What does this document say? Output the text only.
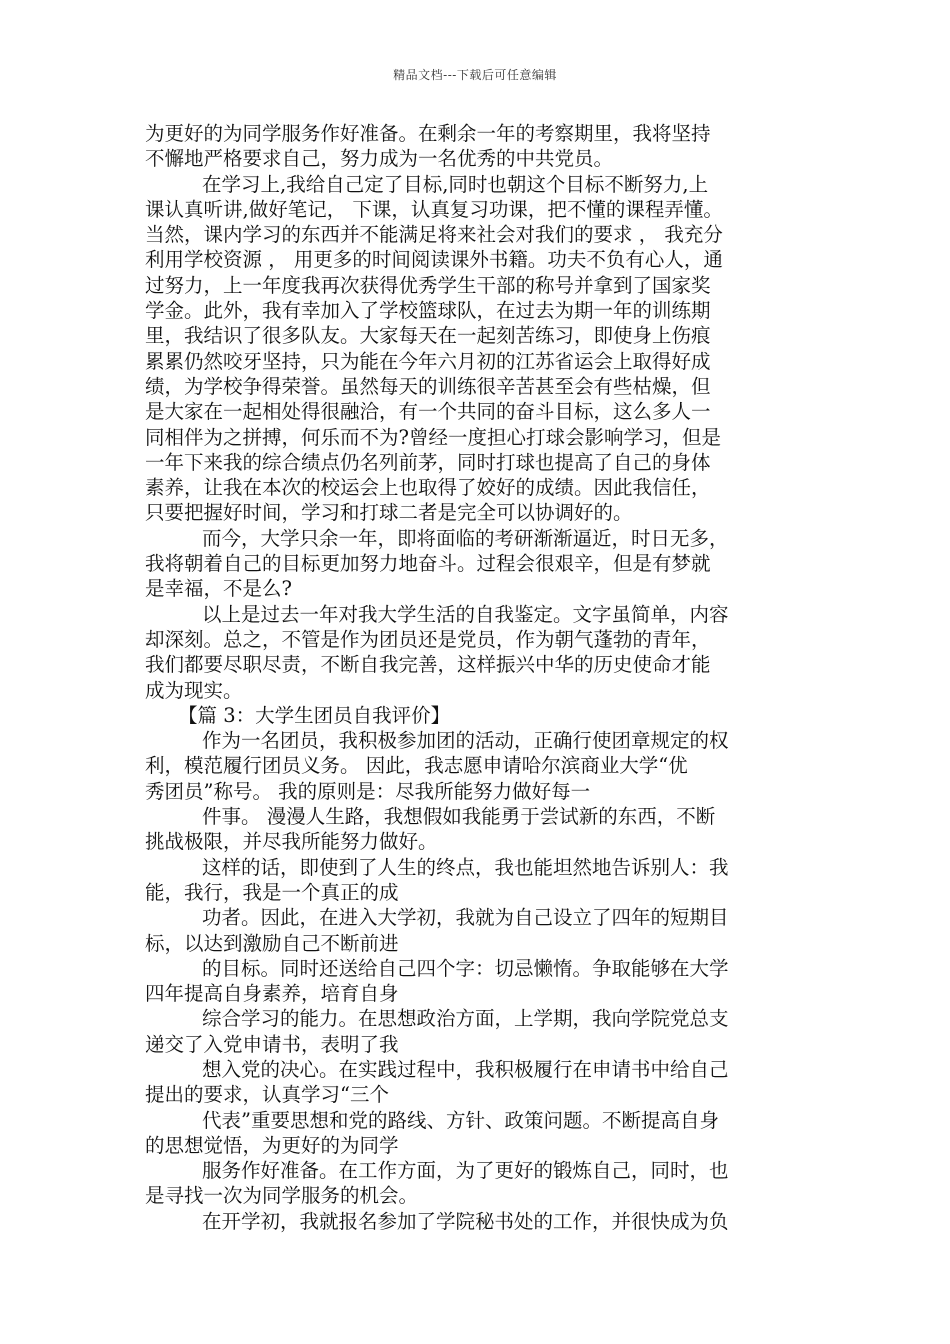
精品文档---下载后可任意编辑
为更好的为同学服务作好准备。在剩余一年的考察期里，我将坚持
不懈地严格要求自己，努力成为一名优秀的中共党员。
在学习上,我给自己定了目标,同时也朝这个目标不断努力,上
课认真听讲,做好笔记， 下课，认真复习功课，把不懂的课程弄懂。
当然，课内学习的东西并不能满足将来社会对我们的要求 ， 我充分
利用学校资源 ， 用更多的时间阅读课外书籍。功夫不负有心人，通
过努力，上一年度我再次获得优秀学生干部的称号并拿到了国家奖
学金。此外，我有幸加入了学校篮球队，在过去为期一年的训练期
里，我结识了很多队友。大家每天在一起刻苦练习，即使身上伤痕
累累仍然咬牙坚持，只为能在今年六月初的江苏省运会上取得好成
绩，为学校争得荣誉。虽然每天的训练很辛苦甚至会有些枯燥，但
是大家在一起相处得很融洽，有一个共同的奋斗目标，这么多人一
同相伴为之拼搏，何乐而不为?曾经一度担心打球会影响学习，但是
一年下来我的综合绩点仍名列前茅，同时打球也提高了自己的身体
素养，让我在本次的校运会上也取得了姣好的成绩。因此我信任，
只要把握好时间，学习和打球二者是完全可以协调好的。
而今，大学只余一年，即将面临的考研渐渐逼近，时日无多，
我将朝着自己的目标更加努力地奋斗。过程会很艰辛，但是有梦就
是幸福，不是么?
以上是过去一年对我大学生活的自我鉴定。文字虽简单，内容
却深刻。总之，不管是作为团员还是党员，作为朝气蓬勃的青年，
我们都要尽职尽责，不断自我完善，这样振兴中华的历史使命才能
成为现实。
【篇 3：大学生团员自我评价】
作为一名团员，我积极参加团的活动，正确行使团章规定的权
利，模范履行团员义务。 因此，我志愿申请哈尔滨商业大学“优
秀团员”称号。 我的原则是：尽我所能努力做好每一
件事。 漫漫人生路，我想假如我能勇于尝试新的东西，不断
挑战极限，并尽我所能努力做好。
这样的话，即使到了人生的终点，我也能坦然地告诉别人：我
能，我行，我是一个真正的成
功者。因此，在进入大学初，我就为自己设立了四年的短期目
标，以达到激励自己不断前进
的目标。同时还送给自己四个字：切忌懒惰。争取能够在大学
四年提高自身素养，培育自身
综合学习的能力。在思想政治方面，上学期，我向学院党总支
递交了入党申请书，表明了我
想入党的决心。在实践过程中，我积极履行在申请书中给自己
提出的要求，认真学习“三个
代表”重要思想和党的路线、方针、政策问题。不断提高自身
的思想觉悟，为更好的为同学
服务作好准备。在工作方面，为了更好的锻炼自己，同时，也
是寻找一次为同学服务的机会。
在开学初，我就报名参加了学院秘书处的工作，并很快成为负
